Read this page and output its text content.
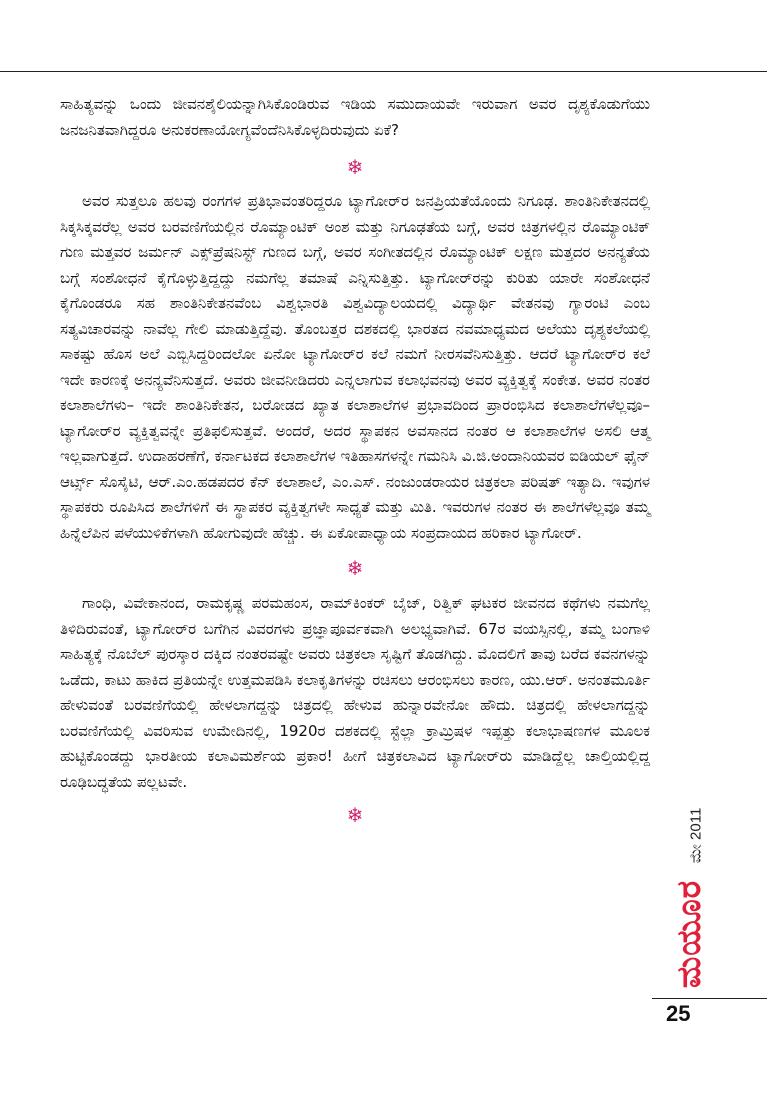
ಸಾಹಿತ್ಯವನ್ನು ಒಂದು ಜೀವನಶೈಲಿಯನ್ನಾಗಿಸಿಕೊಂಡಿರುವ ಇಡಿಯ ಸಮುದಾಯವೇ ಇರುವಾಗ ಅವರ ದೃಶ್ಯಕೊಡುಗೆಯು ಜನಜನಿತವಾಗಿದ್ದರೂ ಅನುಕರಣಾಯೋಗ್ಯವೆಂದೆನಿಸಿಕೊಳ್ಳದಿರುವುದು ಏಕೆ?

❄

ಅವರ ಸುತ್ತಲೂ ಹಲವು ರಂಗಗಳ ಪ್ರತಿಭಾವಂತರಿದ್ದರೂ ಟ್ಯಾಗೋರ್‌ರ ಜನಪ್ರಿಯತೆಯೊಂದು ನಿಗೂಢ. ಶಾಂತಿನಿಕೇತನದಲ್ಲಿ ಸಿಕ್ಕಸಿಕ್ಕವರೆಲ್ಲ ಅವರ ಬರವಣಿಗೆಯಲ್ಲಿನ ರೊಮ್ಯಾಂಟಿಕ್ ಅಂಶ ಮತ್ತು ನಿಗೂಢತೆಯ ಬಗ್ಗೆ, ಅವರ ಚಿತ್ರಗಳಲ್ಲಿನ ರೊಮ್ಯಾಂಟಿಕ್ ಗುಣ ಮತ್ತವರ ಜರ್ಮನ್ ಎಕ್ಸ್‌ಪ್ರೆಷನಿಸ್ಟ್ ಗುಣದ ಬಗ್ಗೆ, ಅವರ ಸಂಗೀತದಲ್ಲಿನ ರೊಮ್ಯಾಂಟಿಕ್ ಲಕ್ಷಣ ಮತ್ತದರ ಅನನ್ಯತೆಯ ಬಗ್ಗೆ ಸಂಶೋಧನೆ ಕೈಗೊಳ್ಳುತ್ತಿದ್ದದ್ದು ನಮಗೆಲ್ಲ ತಮಾಷೆ ಎನ್ನಿಸುತ್ತಿತ್ತು. ಟ್ಯಾಗೋರ್‌ರನ್ನು ಕುರಿತು ಯಾರೇ ಸಂಶೋಧನೆ ಕೈಗೊಂಡರೂ ಸಹ ಶಾಂತಿನಿಕೇತನವೆಂಬ ವಿಶ್ವಭಾರತಿ ವಿಶ್ವವಿದ್ಯಾಲಯದಲ್ಲಿ ವಿದ್ಯಾರ್ಥಿ ವೇತನವು ಗ್ಯಾರಂಟಿ ಎಂಬ ಸತ್ಯವಿಚಾರವನ್ನು ನಾವೆಲ್ಲ ಗೇಲಿ ಮಾಡುತ್ತಿದ್ದೆವು. ತೊಂಬತ್ತರ ದಶಕದಲ್ಲಿ ಭಾರತದ ನವಮಾಧ್ಯಮದ ಅಲೆಯು ದೃಶ್ಯಕಲೆಯಲ್ಲಿ ಸಾಕಷ್ಟು ಹೊಸ ಅಲೆ ಎಬ್ಬಿಸಿದ್ದರಿಂದಲೋ ಏನೋ ಟ್ಯಾಗೋರ್‌ರ ಕಲೆ ನಮಗೆ ನೀರಸವೆನಿಸುತ್ತಿತ್ತು. ಆದರೆ ಟ್ಯಾಗೋರ್‌ರ ಕಲೆ ಇದೇ ಕಾರಣಕ್ಕೆ ಅನನ್ಯವೆನಿಸುತ್ತದೆ. ಅವರು ಜೀವನೀಡಿದರು ಎನ್ನಲಾಗುವ ಕಲಾಭವನವು ಅವರ ವ್ಯಕ್ತಿತ್ವಕ್ಕೆ ಸಂಕೇತ. ಅವರ ನಂತರ ಕಲಾಶಾಲೆಗಳು– ಇದೇ ಶಾಂತಿನಿಕೇತನ, ಬರೋಡದ ಖ್ಯಾತ ಕಲಾಶಾಲೆಗಳ ಪ್ರಭಾವದಿಂದ ಪ್ರಾರಂಭಿಸಿದ ಕಲಾಶಾಲೆಗಳೆಲ್ಲವೂ– ಟ್ಯಾಗೋರ್‌ರ ವ್ಯಕ್ತಿತ್ವವನ್ನೇ ಪ್ರತಿಫಲಿಸುತ್ತವೆ. ಅಂದರೆ, ಅದರ ಸ್ಥಾಪಕನ ಅವಸಾನದ ನಂತರ ಆ ಕಲಾಶಾಲೆಗಳ ಅಸಲಿ ಆತ್ಮ ಇಲ್ಲವಾಗುತ್ತದೆ. ಉದಾಹರಣೆಗೆ, ಕರ್ನಾಟಕದ ಕಲಾಶಾಲೆಗಳ ಇತಿಹಾಸಗಳನ್ನೇ ಗಮನಿಸಿ ವಿ.ಜಿ.ಅಂದಾನಿಯವರ ಐಡಿಯಲ್ ಫೈನ್ ಆರ್ಟ್ಸ್ ಸೊಸೈಟಿ, ಆರ್.ಎಂ.ಹಡಪದರ ಕೆನ್ ಕಲಾಶಾಲೆ, ಎಂ.ಎಸ್. ನಂಜುಂಡರಾಯರ ಚಿತ್ರಕಲಾ ಪರಿಷತ್ ಇತ್ಯಾದಿ. ಇವುಗಳ ಸ್ಥಾಪಕರು ರೂಪಿಸಿದ ಶಾಲೆಗಳಿಗೆ ಈ ಸ್ಥಾಪಕರ ವ್ಯಕ್ತಿತ್ವಗಳೇ ಸಾಧ್ಯತೆ ಮತ್ತು ಮಿತಿ. ಇವರುಗಳ ನಂತರ ಈ ಶಾಲೆಗಳೆಲ್ಲವೂ ತಮ್ಮ ಹಿನ್ನೆಲೆಪಿನ ಪಳೆಯುಳಿಕೆಗಳಾಗಿ ಹೋಗುವುದೇ ಹೆಚ್ಚು. ಈ ಏಕೋಪಾಧ್ಯಾಯ ಸಂಪ್ರದಾಯದ ಹರಿಕಾರ ಟ್ಯಾಗೋರ್.

❄

ಗಾಂಧಿ, ವಿವೇಕಾನಂದ, ರಾಮಕೃಷ್ಣ ಪರಮಹಂಸ, ರಾಮ್‌ಕಿಂಕರ್ ಬೈಜ್, ರಿತ್ವಿಕ್ ಘಟಕರ ಜೀವನದ ಕಥೆಗಳು ನಮಗೆಲ್ಲ ತಿಳಿದಿರುವಂತೆ, ಟ್ಯಾಗೋರ್‌ರ ಬಗೆಗಿನ ವಿವರಗಳು ಪ್ರಜ್ಞಾಪೂರ್ವಕವಾಗಿ ಅಲಭ್ಯವಾಗಿವೆ. 67ರ ವಯಸ್ಸಿನಲ್ಲಿ, ತಮ್ಮ ಬಂಗಾಳಿ ಸಾಹಿತ್ಯಕ್ಕೆ ನೊಬೆಲ್ ಪುರಸ್ಕಾರ ದಕ್ಕಿದ ನಂತರವಷ್ಟೇ ಅವರು ಚಿತ್ರಕಲಾ ಸೃಷ್ಟಿಗೆ ತೊಡಗಿದ್ದು. ಮೊದಲಿಗೆ ತಾವು ಬರೆದ ಕವನಗಳನ್ನು ಒಡೆದು, ಕಾಟು ಹಾಕಿದ ಪ್ರತಿಯನ್ನೇ ಉತ್ತಮಪಡಿಸಿ ಕಲಾಕೃತಿಗಳನ್ನು ರಚಿಸಲು ಆರಂಭಿಸಲು ಕಾರಣ, ಯು.ಆರ್. ಅನಂತಮೂರ್ತಿ ಹೇಳುವಂತೆ ಬರವಣಿಗೆಯಲ್ಲಿ ಹೇಳಲಾಗದ್ದನ್ನು ಚಿತ್ರದಲ್ಲಿ ಹೇಳುವ ಹುನ್ನಾರವೇನೋ ಹೌದು. ಚಿತ್ರದಲ್ಲಿ ಹೇಳಲಾಗದ್ದನ್ನು ಬರವಣಿಗೆಯಲ್ಲಿ ವಿವರಿಸುವ ಉಮೇದಿನಲ್ಲಿ, 1920ರ ದಶಕದಲ್ಲಿ ಸ್ಟೆಲ್ಲಾ ಕ್ರಾಮ್ರಿಷಳ ಇಪ್ಪತ್ತು ಕಲಾಭಾಷಣಗಳ ಮೂಲಕ ಹುಟ್ಟಿಕೊಂಡದ್ದು ಭಾರತೀಯ ಕಲಾವಿಮರ್ಶೆಯ ಪ್ರಕಾರ! ಹೀಗೆ ಚಿತ್ರಕಲಾವಿದ ಟ್ಯಾಗೋರ್‌ರು ಮಾಡಿದ್ದೆಲ್ಲ ಚಾಲ್ತಿಯಲ್ಲಿದ್ದ ರೂಢಿಬದ್ಧತೆಯ ಪಲ್ಲಟವೇ.

❄	ಮೇ 2011
ಮಯೂರ
25
